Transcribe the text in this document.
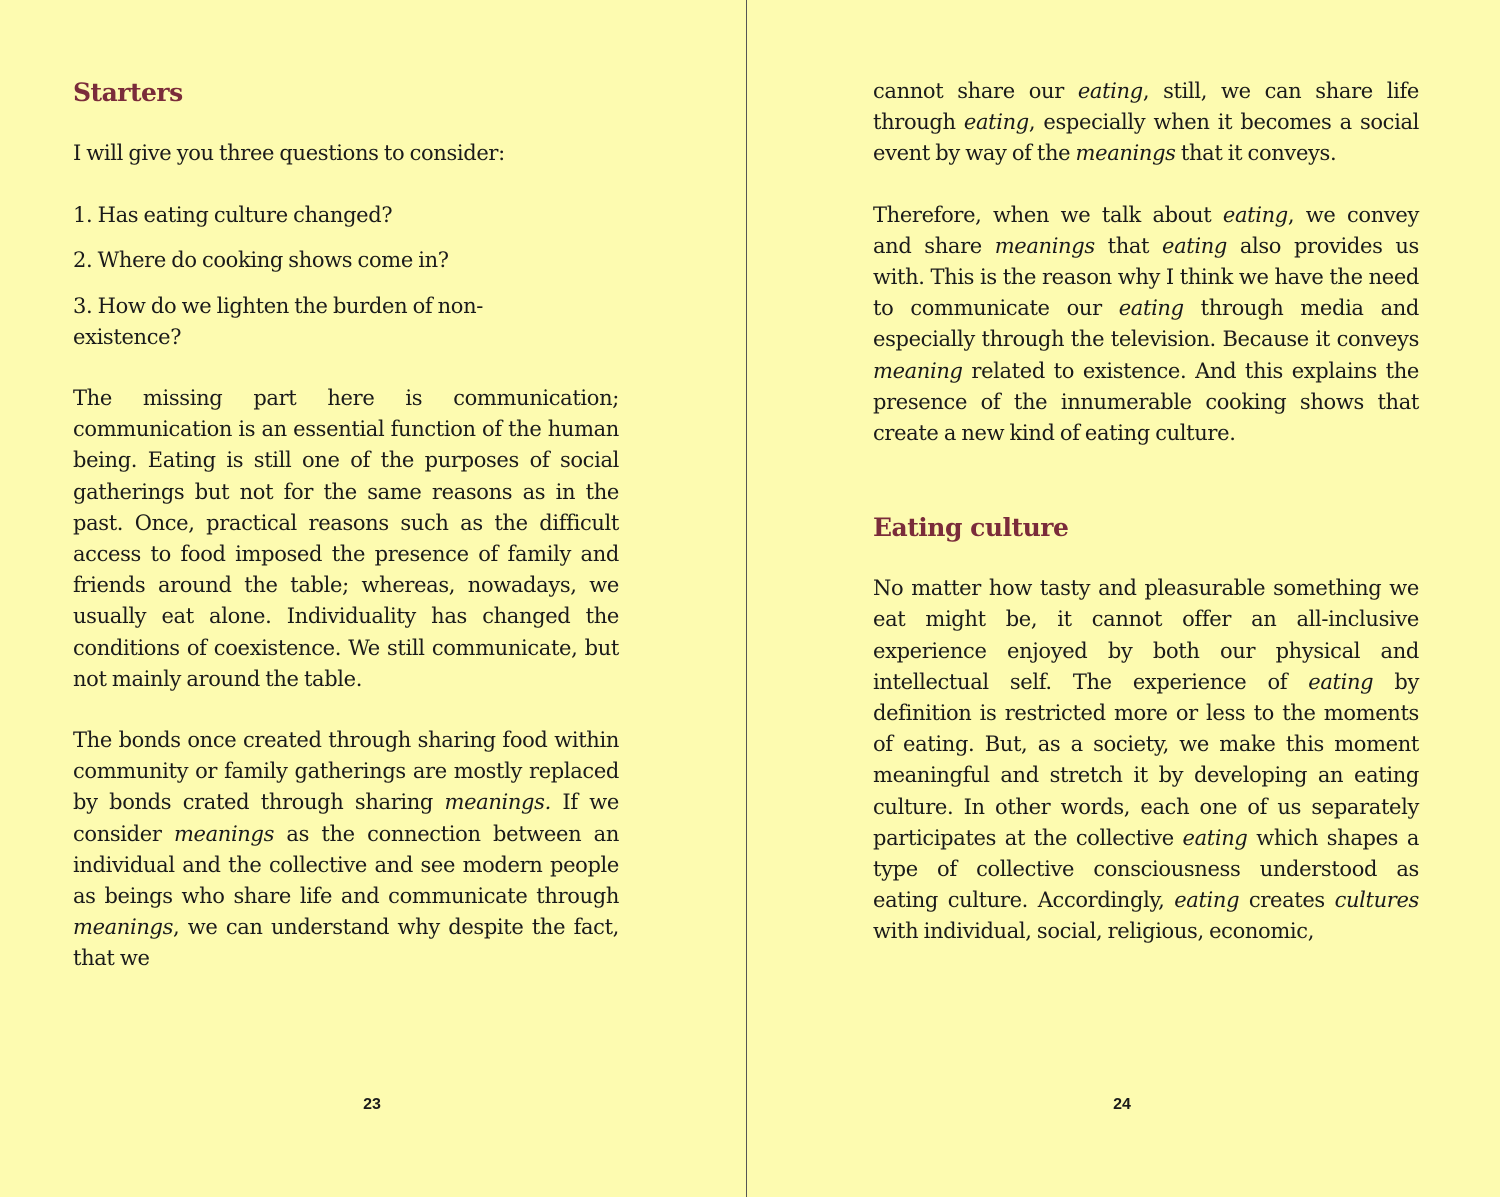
Starters

I will give you three questions to consider:

1. Has eating culture changed?

2. Where do cooking shows come in?

3. How do we lighten the burden of non-existence?

The missing part here is communication; communication is an essential function of the human being. Eating is still one of the purposes of social gatherings but not for the same reasons as in the past. Once, practical reasons such as the difficult access to food imposed the presence of family and friends around the table; whereas, nowadays, we usually eat alone. Individuality has changed the conditions of coexistence. We still communicate, but not mainly around the table.

The bonds once created through sharing food within community or family gatherings are mostly replaced by bonds crated through sharing meanings. If we consider meanings as the connection between an individual and the collective and see modern people as beings who share life and communicate through meanings, we can understand why despite the fact, that we

23

cannot share our eating, still, we can share life through eating, especially when it becomes a social event by way of the meanings that it conveys.

Therefore, when we talk about eating, we convey and share meanings that eating also provides us with. This is the reason why I think we have the need to communicate our eating through media and especially through the television. Because it conveys meaning related to existence. And this explains the presence of the innumerable cooking shows that create a new kind of eating culture.

Eating culture

No matter how tasty and pleasurable something we eat might be, it cannot offer an all-inclusive experience enjoyed by both our physical and intellectual self. The experience of eating by definition is restricted more or less to the moments of eating. But, as a society, we make this moment meaningful and stretch it by developing an eating culture. In other words, each one of us separately participates at the collective eating which shapes a type of collective consciousness understood as eating culture. Accordingly, eating creates cultures with individual, social, religious, economic,

24
